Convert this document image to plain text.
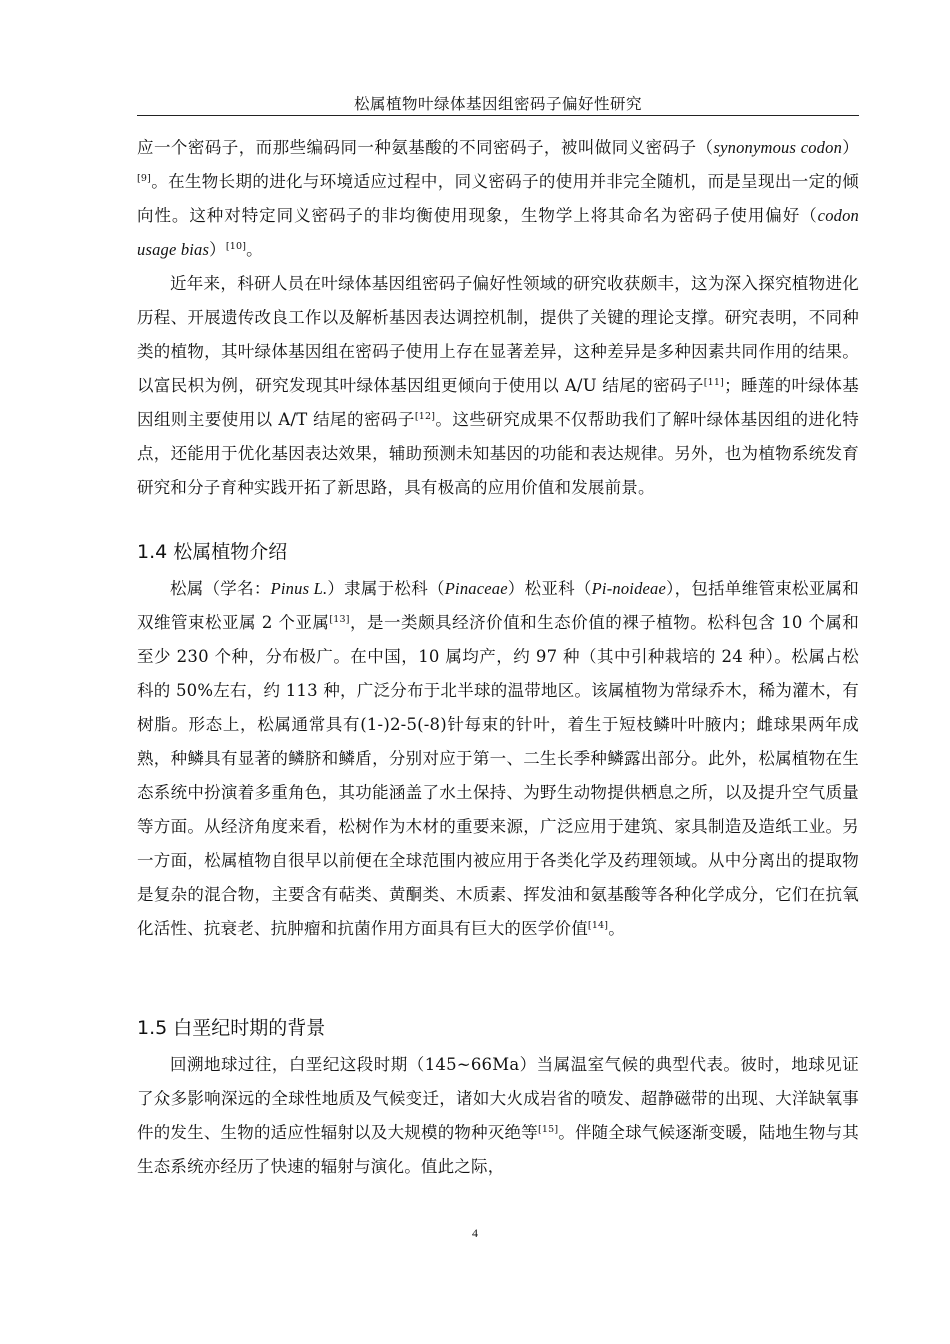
松属植物叶绿体基因组密码子偏好性研究

应一个密码子，而那些编码同一种氨基酸的不同密码子，被叫做同义密码子（synonymous codon）[9]。在生物长期的进化与环境适应过程中，同义密码子的使用并非完全随机，而是呈现出一定的倾向性。这种对特定同义密码子的非均衡使用现象，生物学上将其命名为密码子使用偏好（codon usage bias）[10]。

近年来，科研人员在叶绿体基因组密码子偏好性领域的研究收获颇丰，这为深入探究植物进化历程、开展遗传改良工作以及解析基因表达调控机制，提供了关键的理论支撑。研究表明，不同种类的植物，其叶绿体基因组在密码子使用上存在显著差异，这种差异是多种因素共同作用的结果。以富民枳为例，研究发现其叶绿体基因组更倾向于使用以 A/U 结尾的密码子[11]；睡莲的叶绿体基因组则主要使用以 A/T 结尾的密码子[12]。这些研究成果不仅帮助我们了解叶绿体基因组的进化特点，还能用于优化基因表达效果，辅助预测未知基因的功能和表达规律。另外，也为植物系统发育研究和分子育种实践开拓了新思路，具有极高的应用价值和发展前景。

1.4 松属植物介绍

松属（学名：Pinus L.）隶属于松科（Pinaceae）松亚科（Pi-noideae），包括单维管束松亚属和双维管束松亚属 2 个亚属[13]，是一类颇具经济价值和生态价值的裸子植物。松科包含 10 个属和至少 230 个种，分布极广。在中国，10 属均产，约 97 种（其中引种栽培的 24 种）。松属占松科的 50%左右，约 113 种，广泛分布于北半球的温带地区。该属植物为常绿乔木，稀为灌木，有树脂。形态上，松属通常具有(1-)2-5(-8)针每束的针叶，着生于短枝鳞叶叶腋内；雌球果两年成熟，种鳞具有显著的鳞脐和鳞盾，分别对应于第一、二生长季种鳞露出部分。此外，松属植物在生态系统中扮演着多重角色，其功能涵盖了水土保持、为野生动物提供栖息之所，以及提升空气质量等方面。从经济角度来看，松树作为木材的重要来源，广泛应用于建筑、家具制造及造纸工业。另一方面，松属植物自很早以前便在全球范围内被应用于各类化学及药理领域。从中分离出的提取物是复杂的混合物，主要含有萜类、黄酮类、木质素、挥发油和氨基酸等各种化学成分，它们在抗氧化活性、抗衰老、抗肿瘤和抗菌作用方面具有巨大的医学价值[14]。

1.5 白垩纪时期的背景

回溯地球过往，白垩纪这段时期（145~66Ma）当属温室气候的典型代表。彼时，地球见证了众多影响深远的全球性地质及气候变迁，诸如大火成岩省的喷发、超静磁带的出现、大洋缺氧事件的发生、生物的适应性辐射以及大规模的物种灭绝等[15]。伴随全球气候逐渐变暖，陆地生物与其生态系统亦经历了快速的辐射与演化。值此之际，

4
